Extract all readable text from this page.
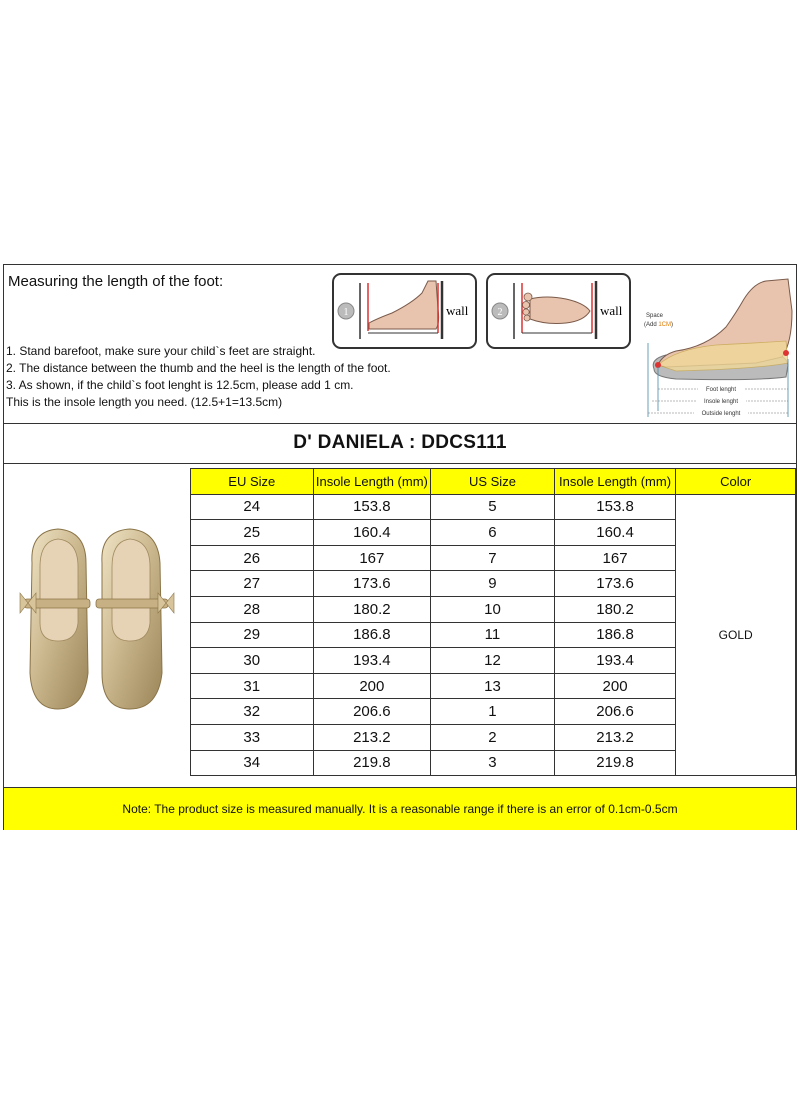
Measuring the length of the foot:
1	wall	2	wall	Space
(Add 1CM)
Foot lenght
Insole lenght
Outside lenght
1. Stand barefoot, make sure your child`s feet are straight.
2. The distance between the thumb and the heel is the length of the foot.
3. As shown, if the child`s foot lenght is 12.5cm, please add 1 cm.
This is the insole length you need. (12.5+1=13.5cm)
D' DANIELA : DDCS111
EU Size	Insole Length (mm)	US Size	Insole Length (mm)	Color
24	153.8	5	153.8	GOLD
25	160.4	6	160.4	
26	167	7	167	
27	173.6	9	173.6	
28	180.2	10	180.2	
29	186.8	11	186.8	
30	193.4	12	193.4	
31	200	13	200	
32	206.6	1	206.6	
33	213.2	2	213.2	
34	219.8	3	219.8	
Note: The product size is measured manually. It is a reasonable range if there is an error of 0.1cm-0.5cm
